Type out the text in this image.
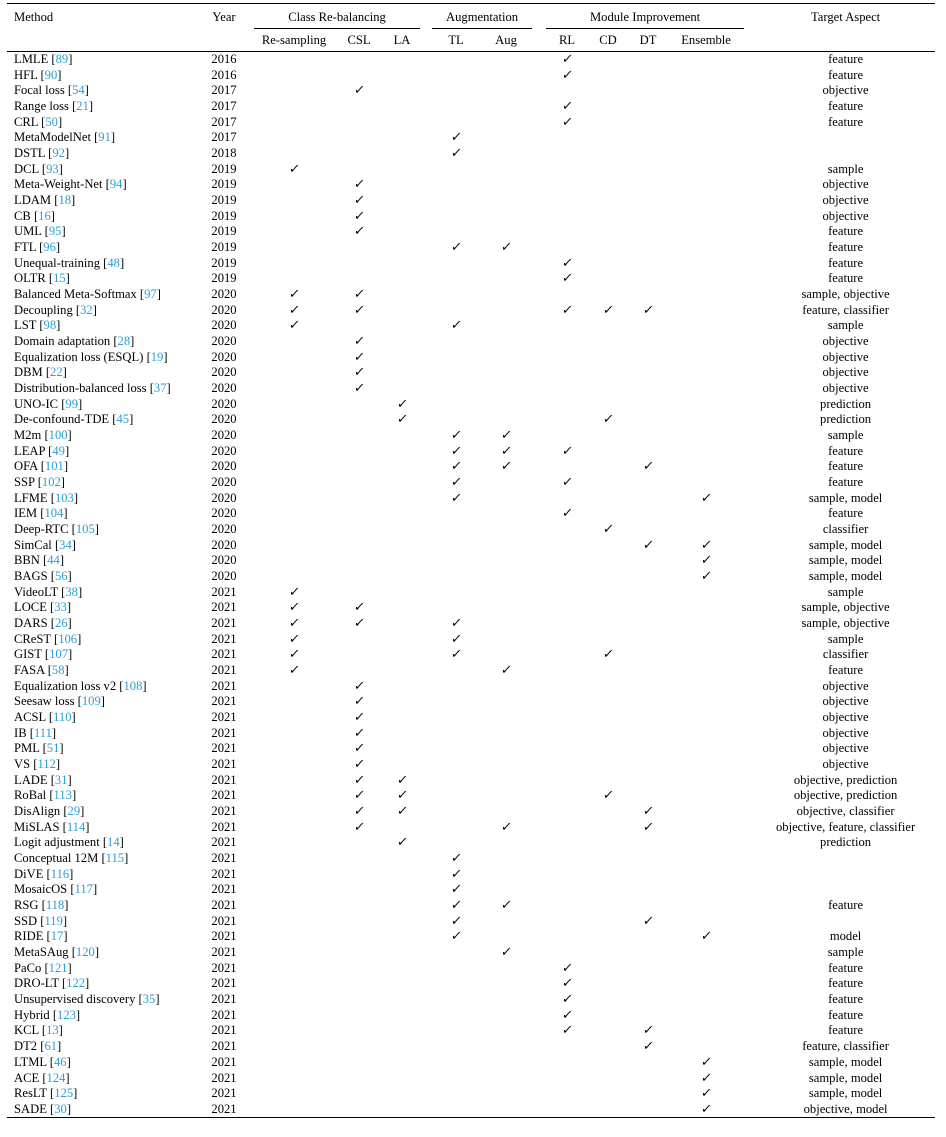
Method	Year		Class Re-balancing				Augmentation			Module Improvement					Target Aspect
			Re-sampling	CSL	LA		TL	Aug		RL	CD	DT	Ensemble		
LMLE [89]	2016									✓					feature
HFL [90]	2016									✓					feature
Focal loss [54]	2017			✓											objective
Range loss [21]	2017									✓					feature
CRL [50]	2017									✓					feature
MetaModelNet [91]	2017						✓								
DSTL [92]	2018						✓								
DCL [93]	2019		✓												sample
Meta-Weight-Net [94]	2019			✓											objective
LDAM [18]	2019			✓											objective
CB [16]	2019			✓											objective
UML [95]	2019			✓											feature
FTL [96]	2019						✓	✓							feature
Unequal-training [48]	2019									✓					feature
OLTR [15]	2019									✓					feature
Balanced Meta-Softmax [97]	2020		✓	✓											sample, objective
Decoupling [32]	2020		✓	✓						✓	✓	✓			feature, classifier
LST [98]	2020		✓				✓								sample
Domain adaptation [28]	2020			✓											objective
Equalization loss (ESQL) [19]	2020			✓											objective
DBM [22]	2020			✓											objective
Distribution-balanced loss [37]	2020			✓											objective
UNO-IC [99]	2020				✓										prediction
De-confound-TDE [45]	2020				✓						✓				prediction
M2m [100]	2020						✓	✓							sample
LEAP [49]	2020						✓	✓		✓					feature
OFA [101]	2020						✓	✓				✓			feature
SSP [102]	2020						✓			✓					feature
LFME [103]	2020						✓						✓		sample, model
IEM [104]	2020									✓					feature
Deep-RTC [105]	2020										✓				classifier
SimCal [34]	2020											✓	✓		sample, model
BBN [44]	2020												✓		sample, model
BAGS [56]	2020												✓		sample, model
VideoLT [38]	2021		✓												sample
LOCE [33]	2021		✓	✓											sample, objective
DARS [26]	2021		✓	✓			✓								sample, objective
CReST [106]	2021		✓				✓								sample
GIST [107]	2021		✓				✓				✓				classifier
FASA [58]	2021		✓					✓							feature
Equalization loss v2 [108]	2021			✓											objective
Seesaw loss [109]	2021			✓											objective
ACSL [110]	2021			✓											objective
IB [111]	2021			✓											objective
PML [51]	2021			✓											objective
VS [112]	2021			✓											objective
LADE [31]	2021			✓	✓										objective, prediction
RoBal [113]	2021			✓	✓						✓				objective, prediction
DisAlign [29]	2021			✓	✓							✓			objective, classifier
MiSLAS [114]	2021			✓				✓				✓			objective, feature, classifier
Logit adjustment [14]	2021				✓										prediction
Conceptual 12M [115]	2021						✓								
DiVE [116]	2021						✓								
MosaicOS [117]	2021						✓								
RSG [118]	2021						✓	✓							feature
SSD [119]	2021						✓					✓			
RIDE [17]	2021						✓						✓		model
MetaSAug [120]	2021							✓							sample
PaCo [121]	2021									✓					feature
DRO-LT [122]	2021									✓					feature
Unsupervised discovery [35]	2021									✓					feature
Hybrid [123]	2021									✓					feature
KCL [13]	2021									✓		✓			feature
DT2 [61]	2021											✓			feature, classifier
LTML [46]	2021												✓		sample, model
ACE [124]	2021												✓		sample, model
ResLT [125]	2021												✓		sample, model
SADE [30]	2021												✓		objective, model
